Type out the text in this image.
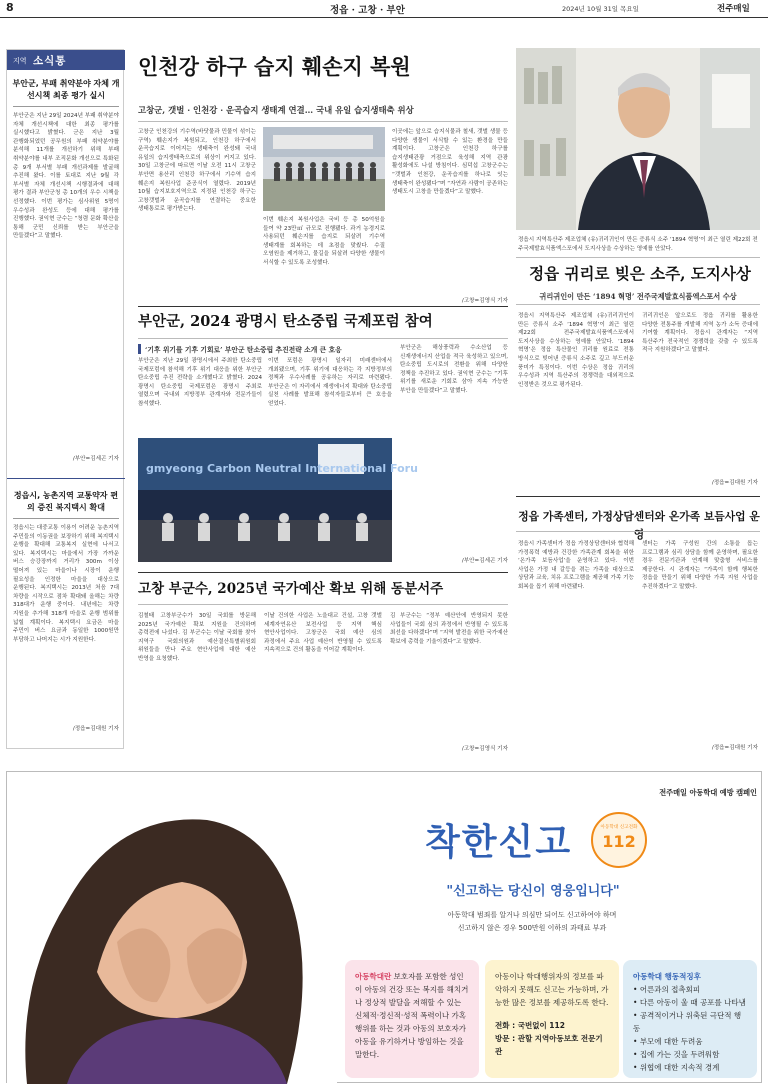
8	정읍 · 고창 · 부안	2024년 10월 31일 목요일	전주매일
지역 소식통
부안군, 부패 취약분야 자체 개선시책 최종 평가 실시
부안군은 지난 29일 2024년 부패 취약분야 자체 개선시책에 대한 최종 평가를 실시했다고 밝혔다. 군은 지난 3월 관행화되었던 공무원의 부패 취약분야를 분석해 11개를 개선하기 위해 부패 취약분야를 내부 조직문화 개선으로 특화된 총 9개 부서별 부패 개선과제를 발굴해 추진해 왔다. 이를 토대로 지난 9월 각 부서별 자체 개선시책 시행결과에 대해 평가 결과 부안군청 총 10개의 우수 시책을 선정했다. 이번 평가는 심사위원 5명이 우수성과 완성도 등에 대해 평가를 진행했다. 권익현 군수는 “청렴 문화 확산을 통해 군민 신뢰를 받는 부안군을 만들겠다”고 말했다.
/부안=김세곤 기자
정읍시, 농촌지역 교통약자 편의 증진 복지택시 확대
정읍시는 대중교통 이용이 어려운 농촌지역 주민들의 이동권을 보장하기 위해 복지택시 운행을 확대해 교통복지 실현에 나서고 있다. 복지택시는 마을에서 가장 가까운 버스 승강장까지 거리가 300m 이상 떨어져 있는 마을이나 시장이 운행 필요성을 인정한 마을을 대상으로 운행된다. 복지택시는 2013년 처음 7대 차량을 시작으로 점차 확대돼 올해는 차량 318대가 운행 중이다. 내년에는 차량 지원을 추가해 318개 마을로 운행 범위를 넓힐 계획이다. 복지택시 요금은 마을 주민이 버스 요금과 동일한 1000원만 부담하고 나머지는 시가 지원한다.
/정읍=김대원 기자
인천강 하구 습지 훼손지 복원
고창군, 갯벌 · 인천강 · 운곡습지 생태계 연결… 국내 유일 습지생태축 위상
고창군 인천강의 기수역(바닷물과 민물이 섞이는 구역) 훼손지가 복원되고, 인천강 하구에서 운곡습지로 이어지는 생태축이 완성돼 국내 유일의 습지생태축으로의 위상이 커지고 있다. 30일 고창군에 따르면 이날 오전 11시 고창군 부안면 용산리 인천강 하구에서 기수역 습지 훼손지 복원사업 준공식이 열렸다. 2019년 10월 습지보호지역으로 지정된 인천강 하구는 고창갯벌과 운곡습지를 연결하는 중요한 생태통로로 평가받는다.
이번 훼손지 복원사업은 국비 등 총 50억원을 들여 약 23만㎡ 규모로 진행됐다. 과거 농경지로 사용되던 훼손지를 습지로 되살려 기수역 생태계를 회복하는 데 초점을 맞췄다. 수질 오염원을 제거하고, 물길을 되살려 다양한 생물이 서식할 수 있도록 조성했다.
이곳에는 앞으로 습지식물과 철새, 갯벌 생물 등 다양한 생물이 서식할 수 있는 환경을 만들 계획이다. 고창군은 인천강 하구를 습지생태관광 거점으로 육성해 지역 관광 활성화에도 나설 방침이다. 심덕섭 고창군수는 “갯벌과 인천강, 운곡습지를 하나로 잇는 생태축이 완성됐다”며 “자연과 사람이 공존하는 생태도시 고창을 만들겠다”고 말했다.
/고창=김영식 기자
부안군, 2024 광명시 탄소중립 국제포럼 참여
‘기후 위기를 기후 기회로’ 부안군 탄소중립 추진전략 소개 큰 호응
부안군은 지난 29일 광명시에서 주최한 탄소중립 국제포럼에 참석해 기후 위기 대응을 위한 부안군 탄소중립 추진 전략을 소개했다고 밝혔다. 2024 광명시 탄소중립 국제포럼은 광명시 주최로 열렸으며 국내외 지방정부 관계자와 전문가들이 참석했다.
이번 포럼은 광명시 일자리 미래센터에서 개최됐으며, 기후 위기에 대응하는 각 지방정부의 정책과 우수사례를 공유하는 자리로 마련됐다. 부안군은 이 자리에서 재생에너지 확대와 탄소중립 실천 사례를 발표해 참석자들로부터 큰 호응을 얻었다.
gmyeong Carbon Neutral International Foru
부안군은 해상풍력과 수소산업 등 신재생에너지 산업을 적극 육성하고 있으며, 탄소중립 도시로의 전환을 위해 다양한 정책을 추진하고 있다. 권익현 군수는 “기후 위기를 새로운 기회로 삼아 지속 가능한 부안을 만들겠다”고 말했다.
/부안=김세곤 기자
고창 부군수, 2025년 국가예산 확보 위해 동분서주
김철태 고창부군수가 30일 국회를 방문해 2025년 국가예산 확보 지원을 건의하며 총력전에 나섰다. 김 부군수는 이날 국회를 찾아 지역구 국회의원과 예산결산특별위원회 위원들을 만나 주요 현안사업에 대한 예산 반영을 요청했다.
이날 건의한 사업은 노을대교 건설, 고창 갯벌 세계자연유산 보전사업 등 지역 핵심 현안사업이다. 고창군은 국회 예산 심의 과정에서 주요 사업 예산이 반영될 수 있도록 지속적으로 건의 활동을 이어갈 계획이다.
김 부군수는 “정부 예산안에 반영되지 못한 사업들이 국회 심의 과정에서 반영될 수 있도록 최선을 다하겠다”며 “지역 발전을 위한 국가예산 확보에 총력을 기울이겠다”고 말했다.
/고창=김영식 기자
정읍시 지역특산주 제조업체 (유)귀리귀인이 만든 증류식 소주 ‘1894 혁명’이 최근 열린 제22회 전주국제발효식품엑스포에서 도지사상을 수상하는 영예를 안았다.
정읍 귀리로 빚은 소주, 도지사상
귀리귀인이 만든 ‘1894 혁명’ 전주국제발효식품엑스포서 수상
정읍시 지역특산주 제조업체 (유)귀리귀인이 만든 증류식 소주 ‘1894 혁명’이 최근 열린 제22회 전주국제발효식품엑스포에서 도지사상을 수상하는 영예를 안았다. ‘1894 혁명’은 정읍 특산물인 귀리를 원료로 전통 방식으로 빚어낸 증류식 소주로 깊고 부드러운 풍미가 특징이다. 이번 수상은 정읍 귀리의 우수성과 지역 특산주의 경쟁력을 대외적으로 인정받은 것으로 평가된다.
귀리귀인은 앞으로도 정읍 귀리를 활용한 다양한 전통주를 개발해 지역 농가 소득 증대에 기여할 계획이다. 정읍시 관계자는 “지역 특산주가 전국적인 경쟁력을 갖출 수 있도록 적극 지원하겠다”고 말했다.
/정읍=김대원 기자
정읍 가족센터, 가정상담센터와 온가족 보듬사업 운영
정읍시 가족센터가 정읍 가정상담센터와 협력해 가정폭력 예방과 건강한 가족관계 회복을 위한 ‘온가족 보듬사업’을 운영하고 있다. 이번 사업은 가정 내 갈등을 겪는 가족을 대상으로 상담과 교육, 치유 프로그램을 제공해 가족 기능 회복을 돕기 위해 마련됐다.
센터는 가족 구성원 간의 소통을 돕는 프로그램과 심리 상담을 함께 운영하며, 필요한 경우 전문기관과 연계해 맞춤형 서비스를 제공한다. 시 관계자는 “가족이 함께 행복한 정읍을 만들기 위해 다양한 가족 지원 사업을 추진하겠다”고 말했다.
/정읍=김대원 기자
전주매일 아동학대 예방 캠페인
착한신고	아동학대 신고전화
112
"신고하는 당신이 영웅입니다"
아동학대 범죄를 알거나 의심만 되어도 신고하여야 하며
신고하지 않은 경우 500만원 이하의 과태료 부과
아동학대란 보호자를 포함한 성인이 아동의 건강 또는 복지를 해치거나 정상적 발달을 저해할 수 있는 신체적·정신적·성적 폭력이나 가혹행위를 하는 것과 아동의 보호자가 아동을 유기하거나 방임하는 것을 말한다.
아동이나 학대행위자의 정보를 파악하지 못해도 신고는 가능하며, 가능한 많은 정보를 제공하도록 한다.
전화 : 국번없이 112
방문 : 관할 지역아동보호 전문기관
아동학대 행동적징후
• 어른과의 접촉회피
• 다른 아동이 울 때 공포를 나타냄
• 공격적이거나 위축된 극단적 행동
• 부모에 대한 두려움
• 집에 가는 것을 두려워함
• 위협에 대한 지속적 경계
